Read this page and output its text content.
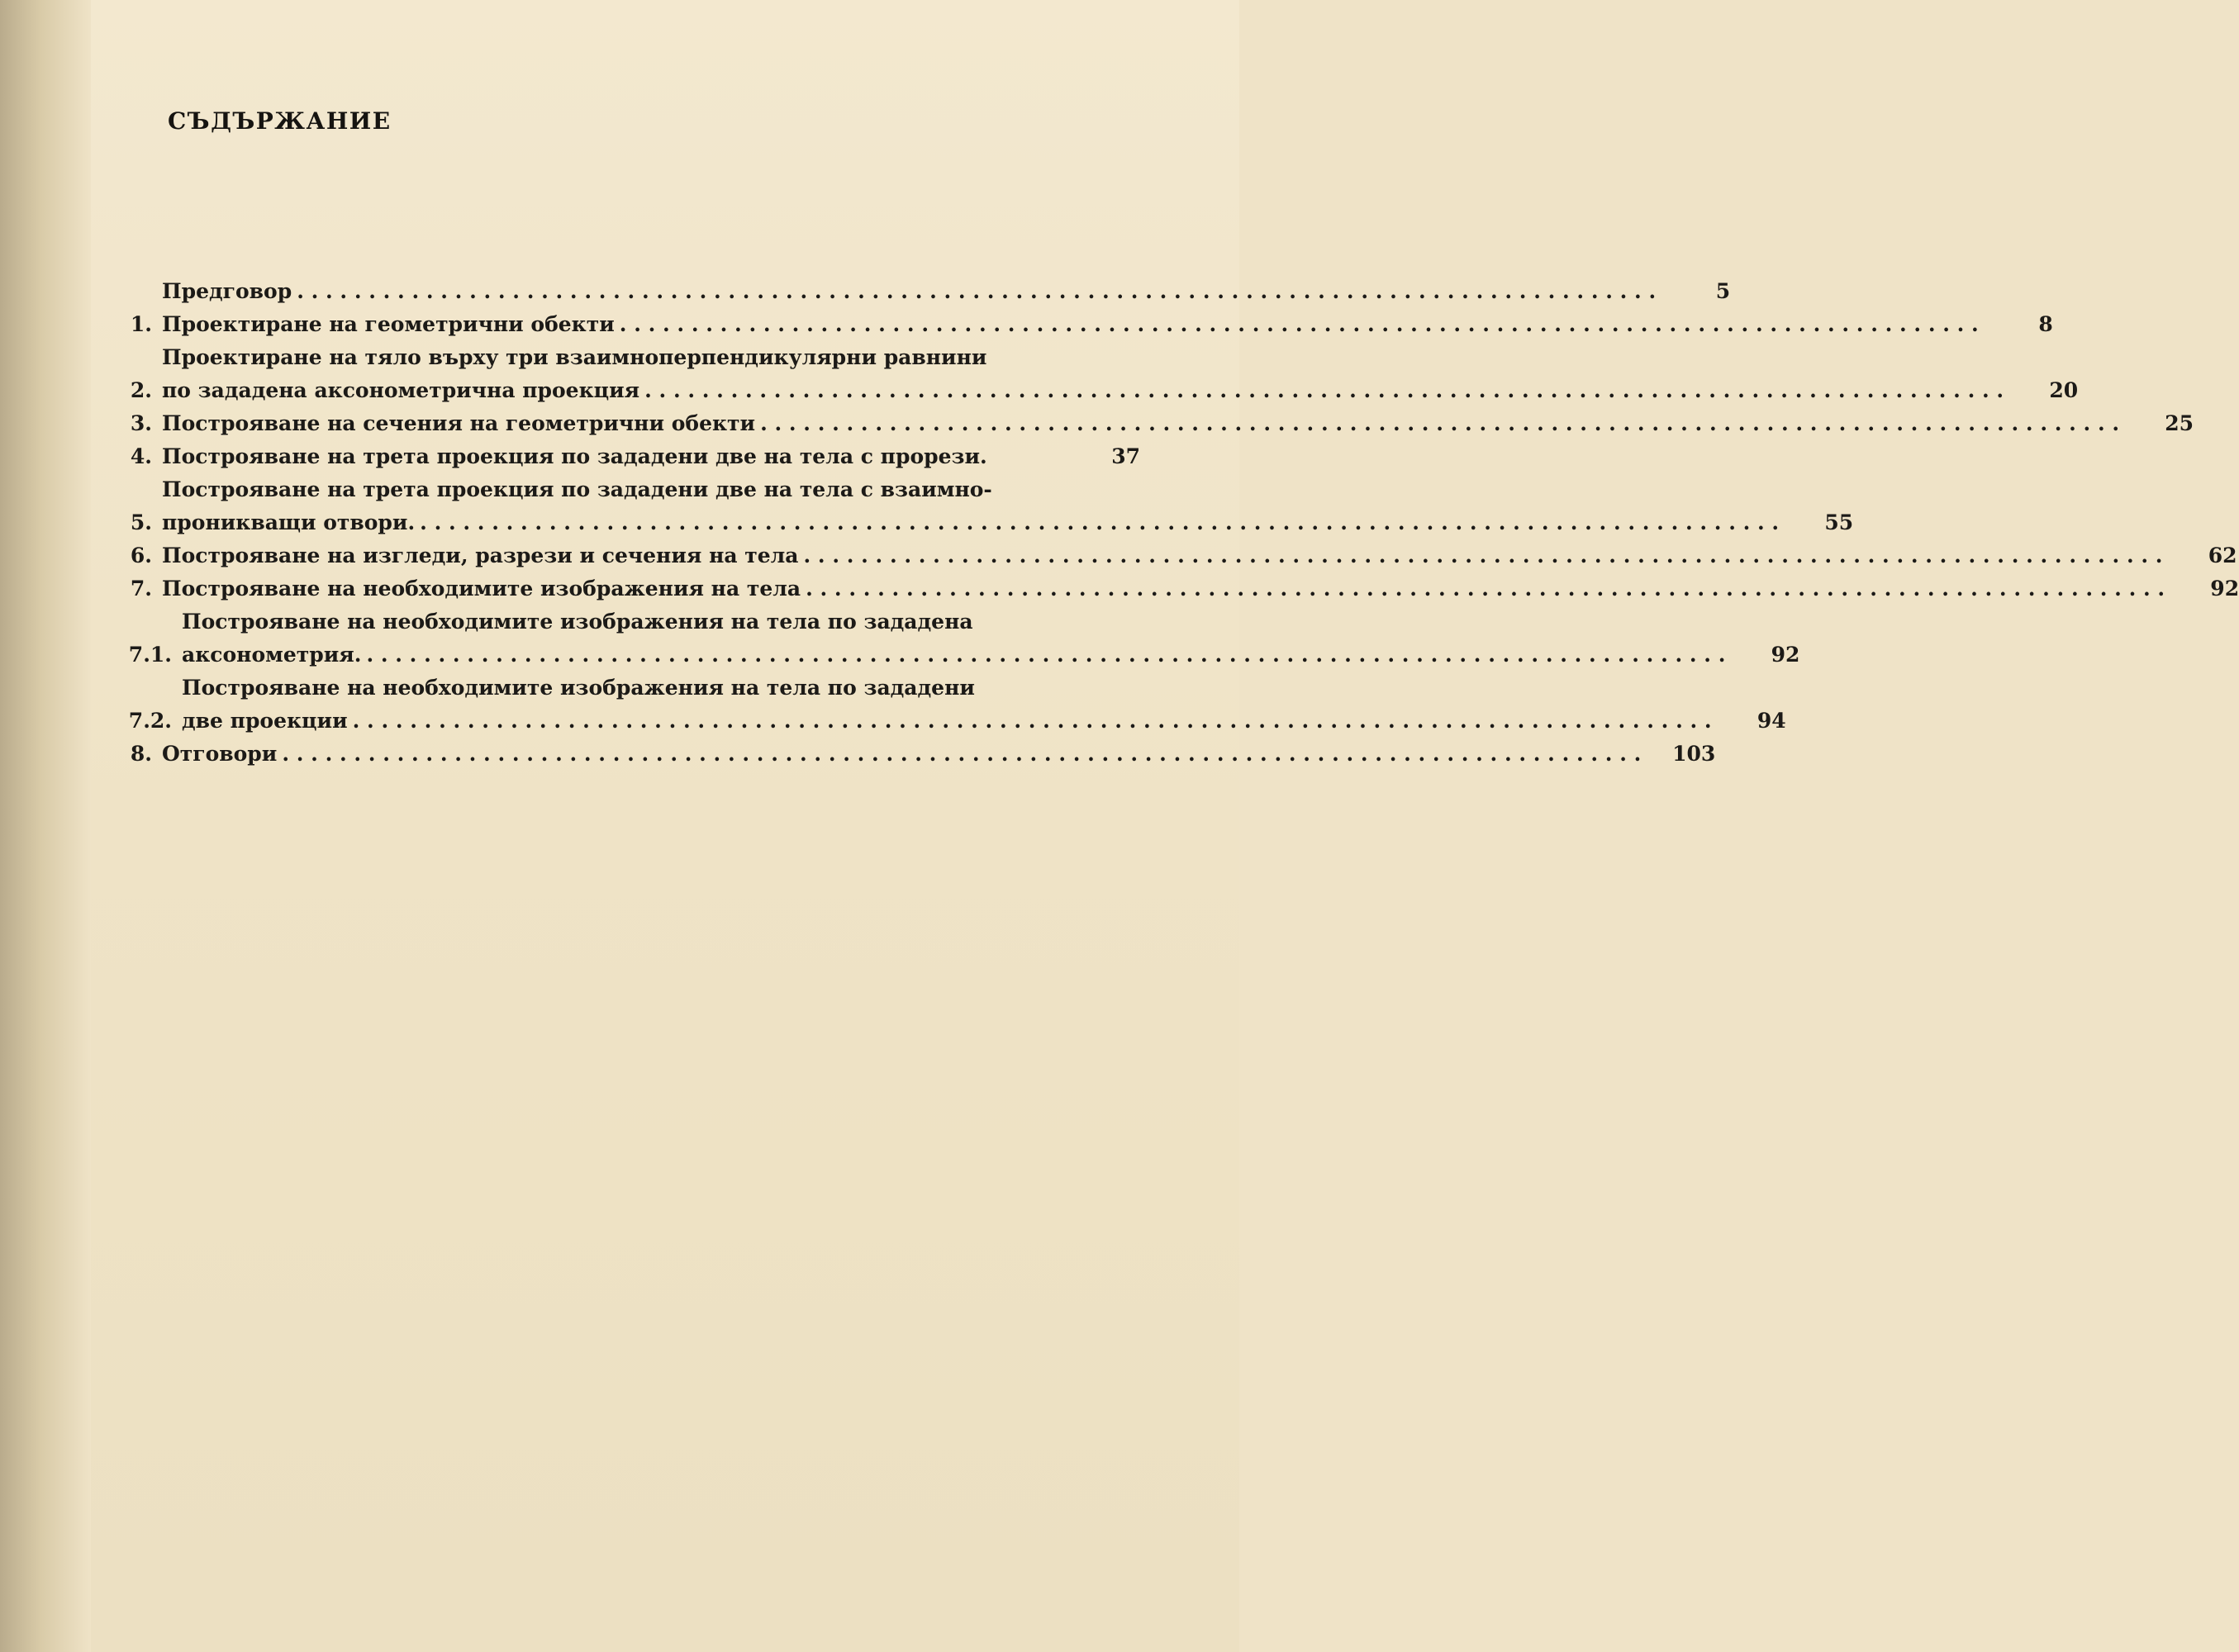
СЪДЪРЖАНИЕ
Предговор . . .	5
1. Проектиране на геометрични обекти . . .	8
2.
Проектиране на тяло върху три взаимноперпендикулярни равнини
по зададена аксонометрична проекция . . .	20
3. Построяване на сечения на геометрични обекти . . .	25
4. Построяване на трета проекция по зададени две на тела с прорези.	37
5.
Построяване на трета проекция по зададени две на тела с взаимно-
проникващи отвори. . . .	55
6. Построяване на изгледи, разрези и сечения на тела . . .	62
7. Построяване на необходимите изображения на тела . . .	92
7.1.
Построяване на необходимите изображения на тела по зададена
аксонометрия. . . .	92
7.2.
Построяване на необходимите изображения на тела по зададени
две проекции . . .	94
8. Отговори . . .	103
